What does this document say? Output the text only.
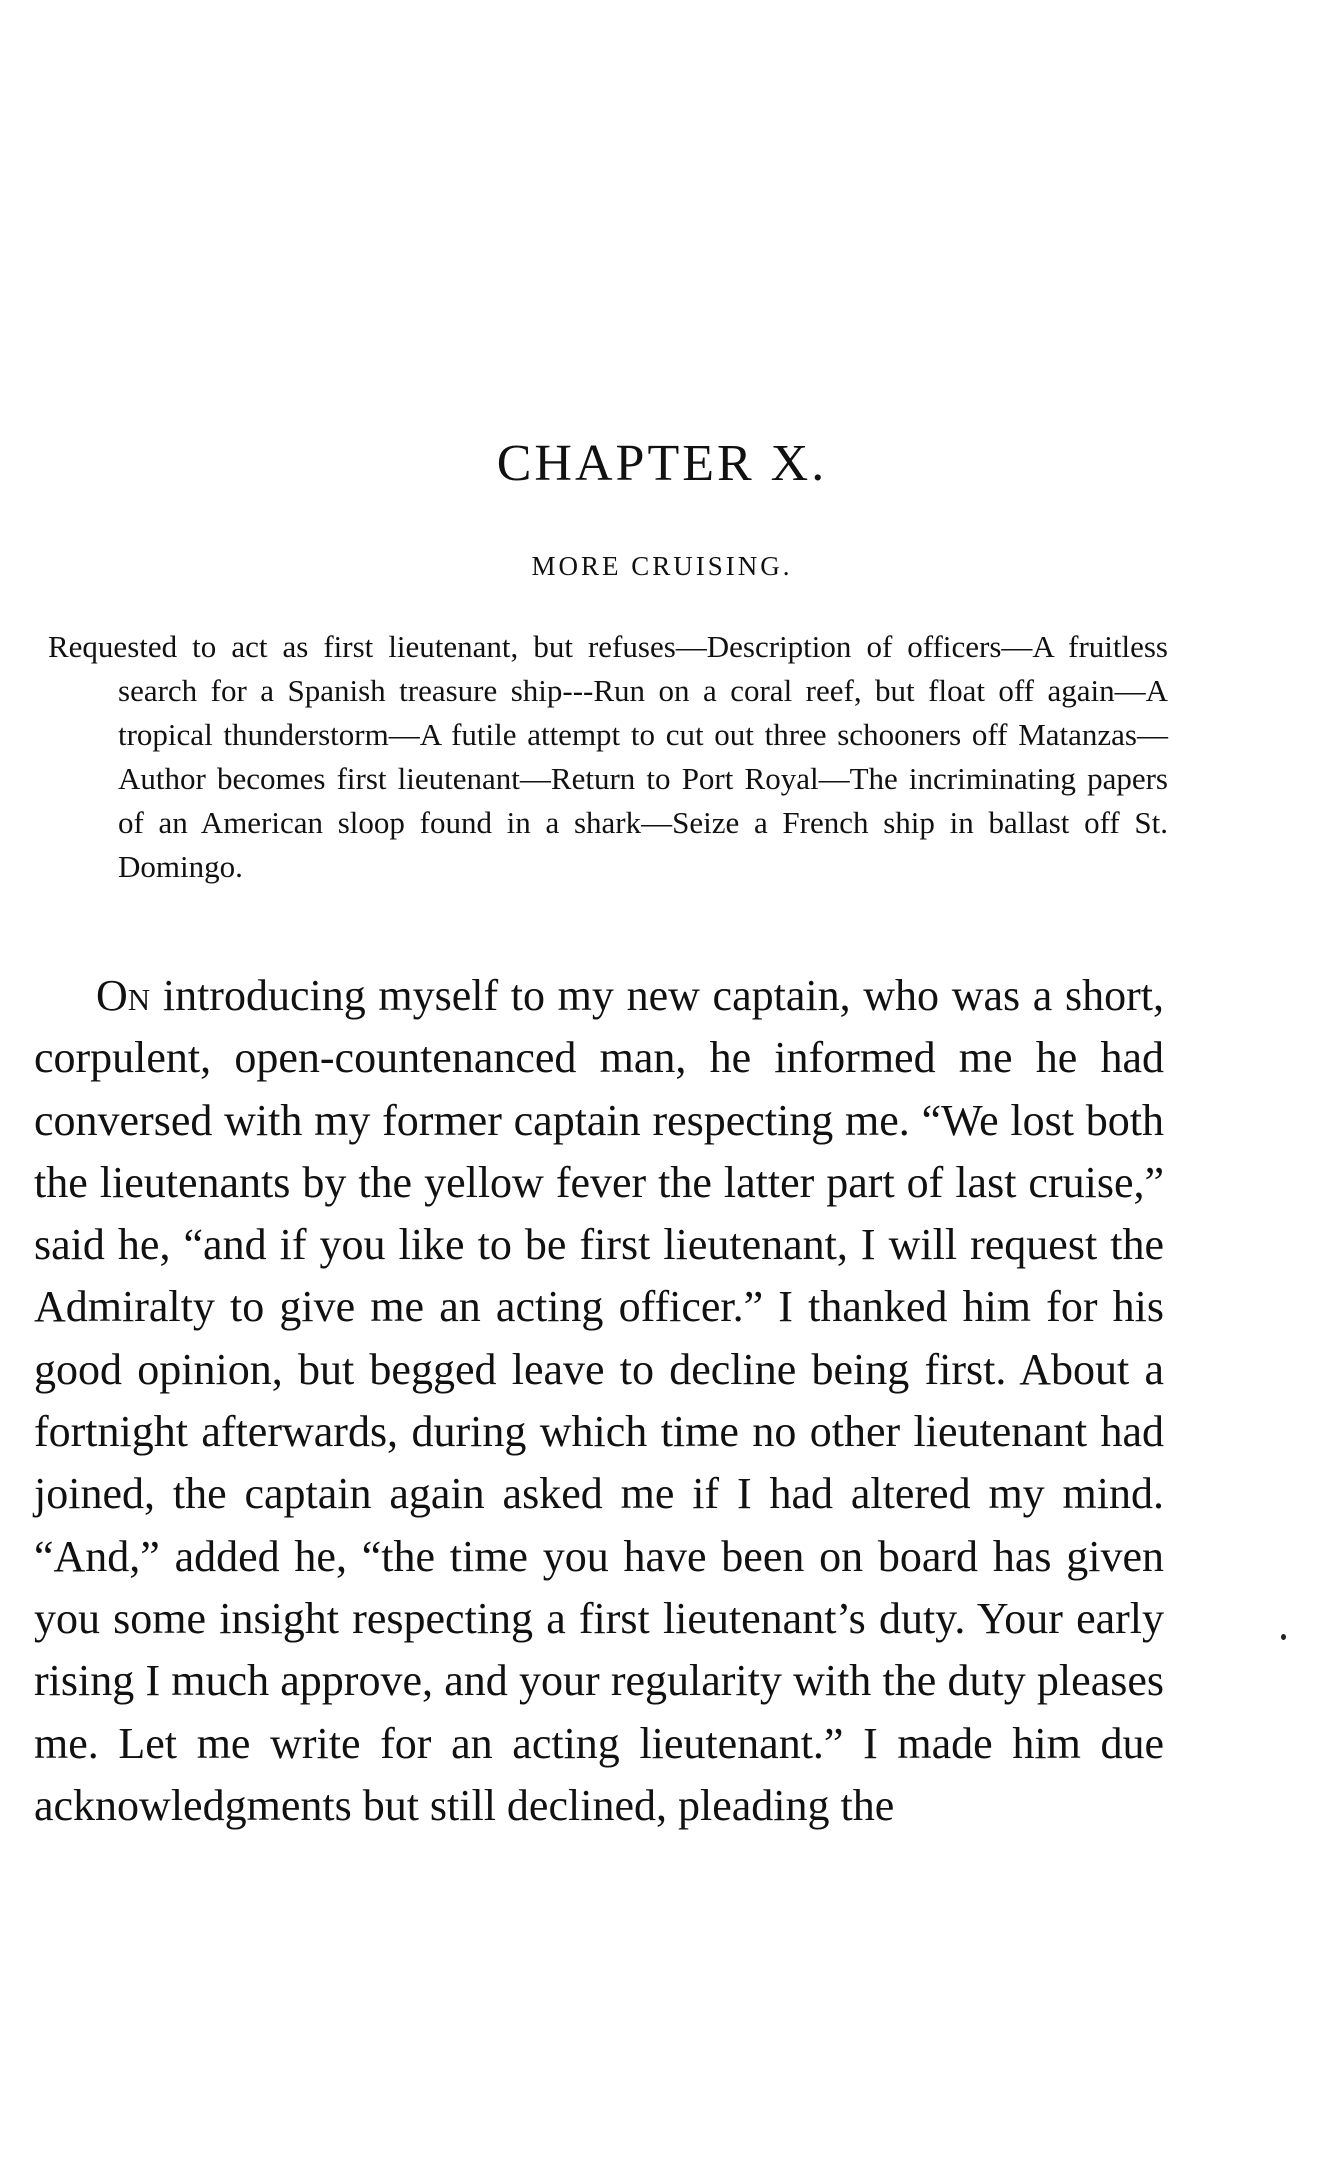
CHAPTER X.
MORE CRUISING.

Requested to act as first lieutenant, but refuses—Description of officers—A fruitless search for a Spanish treasure ship---Run on a coral reef, but float off again—A tropical thunderstorm—A futile attempt to cut out three schooners off Matanzas—Author becomes first lieutenant—Return to Port Royal—The incriminating papers of an American sloop found in a shark—Seize a French ship in ballast off St. Domingo.

On introducing myself to my new captain, who was a short, corpulent, open-countenanced man, he informed me he had conversed with my former captain respecting me. “We lost both the lieutenants by the yellow fever the latter part of last cruise,” said he, “and if you like to be first lieutenant, I will request the Admiralty to give me an acting officer.” I thanked him for his good opinion, but begged leave to decline being first. About a fortnight afterwards, during which time no other lieutenant had joined, the captain again asked me if I had altered my mind. “And,” added he, “the time you have been on board has given you some insight respecting a first lieutenant’s duty. Your early rising I much approve, and your regularity with the duty pleases me. Let me write for an acting lieutenant.” I made him due acknowledgments but still declined, pleading the
